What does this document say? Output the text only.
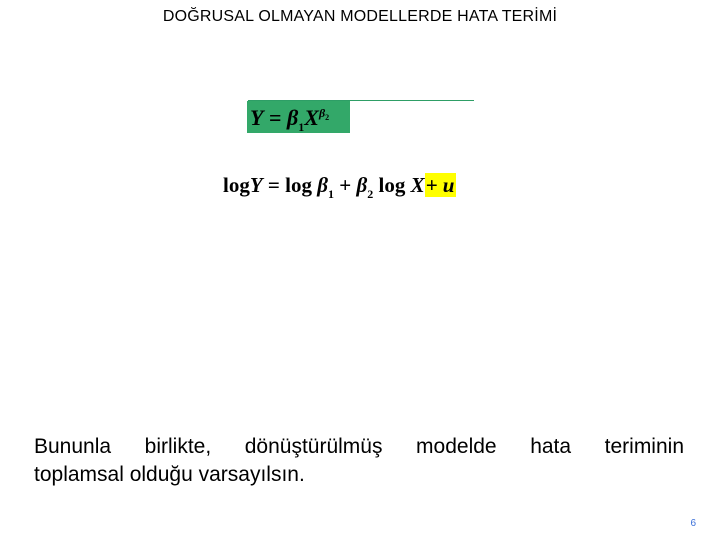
DOĞRUSAL OLMAYAN MODELLERDE HATA TERİMİ
$Y = \beta_1X^{\beta_2}$
$\log Y = \log \beta_1 + \beta_2$ log X+ u
Bununla birlikte, dönüştürülmüş modelde hata teriminin
toplamsal olduğu varsayılsın.
6
